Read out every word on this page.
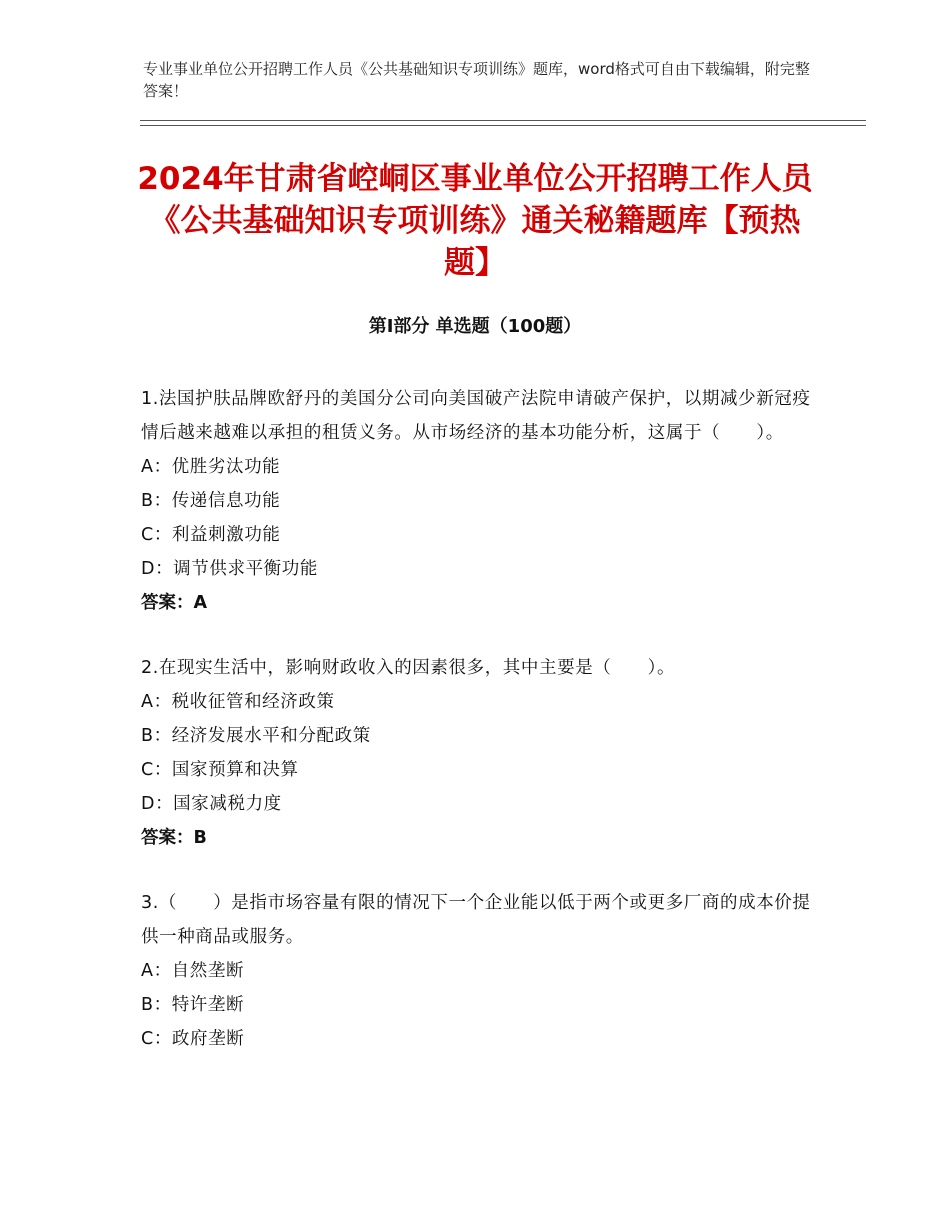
专业事业单位公开招聘工作人员《公共基础知识专项训练》题库，word格式可自由下载编辑，附完整答案！
2024年甘肃省崆峒区事业单位公开招聘工作人员《公共基础知识专项训练》通关秘籍题库【预热题】
第Ⅰ部分 单选题（100题）

1.法国护肤品牌欧舒丹的美国分公司向美国破产法院申请破产保护，以期减少新冠疫情后越来越难以承担的租赁义务。从市场经济的基本功能分析，这属于（　　）。

A：优胜劣汰功能

B：传递信息功能

C：利益刺激功能

D：调节供求平衡功能

答案：A

2.在现实生活中，影响财政收入的因素很多，其中主要是（　　）。

A：税收征管和经济政策

B：经济发展水平和分配政策

C：国家预算和决算

D：国家减税力度

答案：B

3.（　　）是指市场容量有限的情况下一个企业能以低于两个或更多厂商的成本价提供一种商品或服务。

A：自然垄断

B：特许垄断

C：政府垄断
